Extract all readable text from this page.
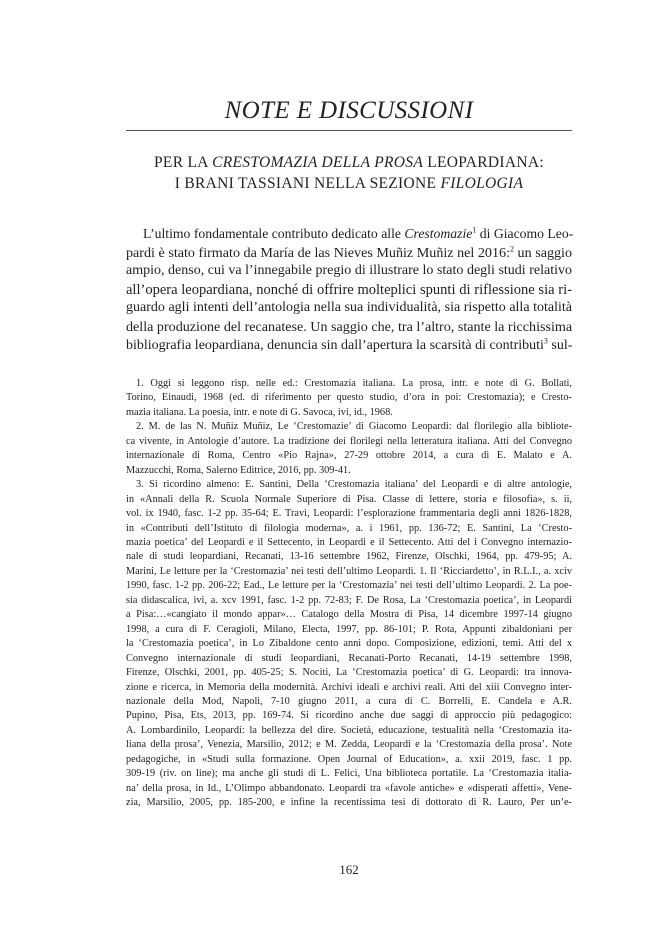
NOTE E DISCUSSIONI
PER LA CRESTOMAZIA DELLA PROSA LEOPARDIANA:
I BRANI TASSIANI NELLA SEZIONE FILOLOGIA
L’ultimo fondamentale contributo dedicato alle Crestomazie$^1$ di Giacomo Leo-
pardi è stato firmato da María de las Nieves Muñiz Muñiz nel 2016:$^2$ un saggio
ampio, denso, cui va l’innegabile pregio di illustrare lo stato degli studi relativo
all’opera leopardiana, nonché di offrire molteplici spunti di riflessione sia ri-
guardo agli intenti dell’antologia nella sua individualità, sia rispetto alla totalità
della produzione del recanatese. Un saggio che, tra l’altro, stante la ricchissima
bibliografia leopardiana, denuncia sin dall’apertura la scarsità di contributi$^3$ sul-
1. Oggi si leggono risp. nelle ed.: Crestomazia italiana. La prosa, intr. e note di G. Bollati,
Torino, Einaudi, 1968 (ed. di riferimento per questo studio, d’ora in poi: Crestomazia); e Cresto-
mazia italiana. La poesia, intr. e note di G. Savoca, ivi, id., 1968.
2. M. de las N. Muñiz Muñiz, Le ‘Crestomazie’ di Giacomo Leopardi: dal florilegio alla bibliote-
ca vivente, in Antologie d’autore. La tradizione dei florilegi nella letteratura italiana. Atti del Convegno
internazionale di Roma, Centro «Pio Rajna», 27-29 ottobre 2014, a cura di E. Malato e A.
Mazzucchi, Roma, Salerno Editrice, 2016, pp. 309-41.
3. Si ricordino almeno: E. Santini, Della ‘Crestomazia italiana’ del Leopardi e di altre antologie,
in «Annali della R. Scuola Normale Superiore di Pisa. Classe di lettere, storia e filosofia», s. ii,
vol. ix 1940, fasc. 1-2 pp. 35-64; E. Travi, Leopardi: l’esplorazione frammentaria degli anni 1826-1828,
in «Contributi dell’Istituto di filologia moderna», a. i 1961, pp. 136-72; E. Santini, La ‘Cresto-
mazia poetica’ del Leopardi e il Settecento, in Leopardi e il Settecento. Atti del i Convegno internazio-
nale di studi leopardiani, Recanati, 13-16 settembre 1962, Firenze, Olschki, 1964, pp. 479-95; A.
Marini, Le letture per la ‘Crestomazia’ nei testi dell’ultimo Leopardi. 1. Il ‘Ricciardetto’, in R.L.I., a. xciv
1990, fasc. 1-2 pp. 206-22; Ead., Le letture per la ‘Crestomazia’ nei testi dell’ultimo Leopardi. 2. La poe-
sia didascalica, ivi, a. xcv 1991, fasc. 1-2 pp. 72-83; F. De Rosa, La ‘Crestomazia poetica’, in Leopardi
a Pisa:…«cangiato il mondo appar»… Catalogo della Mostra di Pisa, 14 dicembre 1997-14 giugno
1998, a cura di F. Ceragioli, Milano, Electa, 1997, pp. 86-101; P. Rota, Appunti zibaldoniani per
la ‘Crestomazia poetica’, in Lo Zibaldone cento anni dopo. Composizione, edizioni, temi. Atti del x
Convegno internazionale di studi leopardiani, Recanati-Porto Recanati, 14-19 settembre 1998,
Firenze, Olschki, 2001, pp. 405-25; S. Nociti, La ‘Crestomazia poetica’ di G. Leopardi: tra innova-
zione e ricerca, in Memoria della modernità. Archivi ideali e archivi reali. Atti del xiii Convegno inter-
nazionale della Mod, Napoli, 7-10 giugno 2011, a cura di C. Borrelli, E. Candela e A.R.
Pupino, Pisa, Ets, 2013, pp. 169-74. Si ricordino anche due saggi di approccio più pedagogico:
A. Lombardinilo, Leopardi: la bellezza del dire. Società, educazione, testualità nella ‘Crestomazia ita-
liana della prosa’, Venezia, Marsilio, 2012; e M. Zedda, Leopardi e la ‘Crestomazia della prosa’. Note
pedagogiche, in «Studi sulla formazione. Open Journal of Education», a. xxii 2019, fasc. 1 pp.
309-19 (riv. on line); ma anche gli studi di L. Felici, Una biblioteca portatile. La ‘Crestomazia italia-
na’ della prosa, in Id., L’Olimpo abbandonato. Leopardi tra «favole antiche» e «disperati affetti», Vene-
zia, Marsilio, 2005, pp. 185-200, e infine la recentissima tesi di dottorato di R. Lauro, Per un’e-
162
